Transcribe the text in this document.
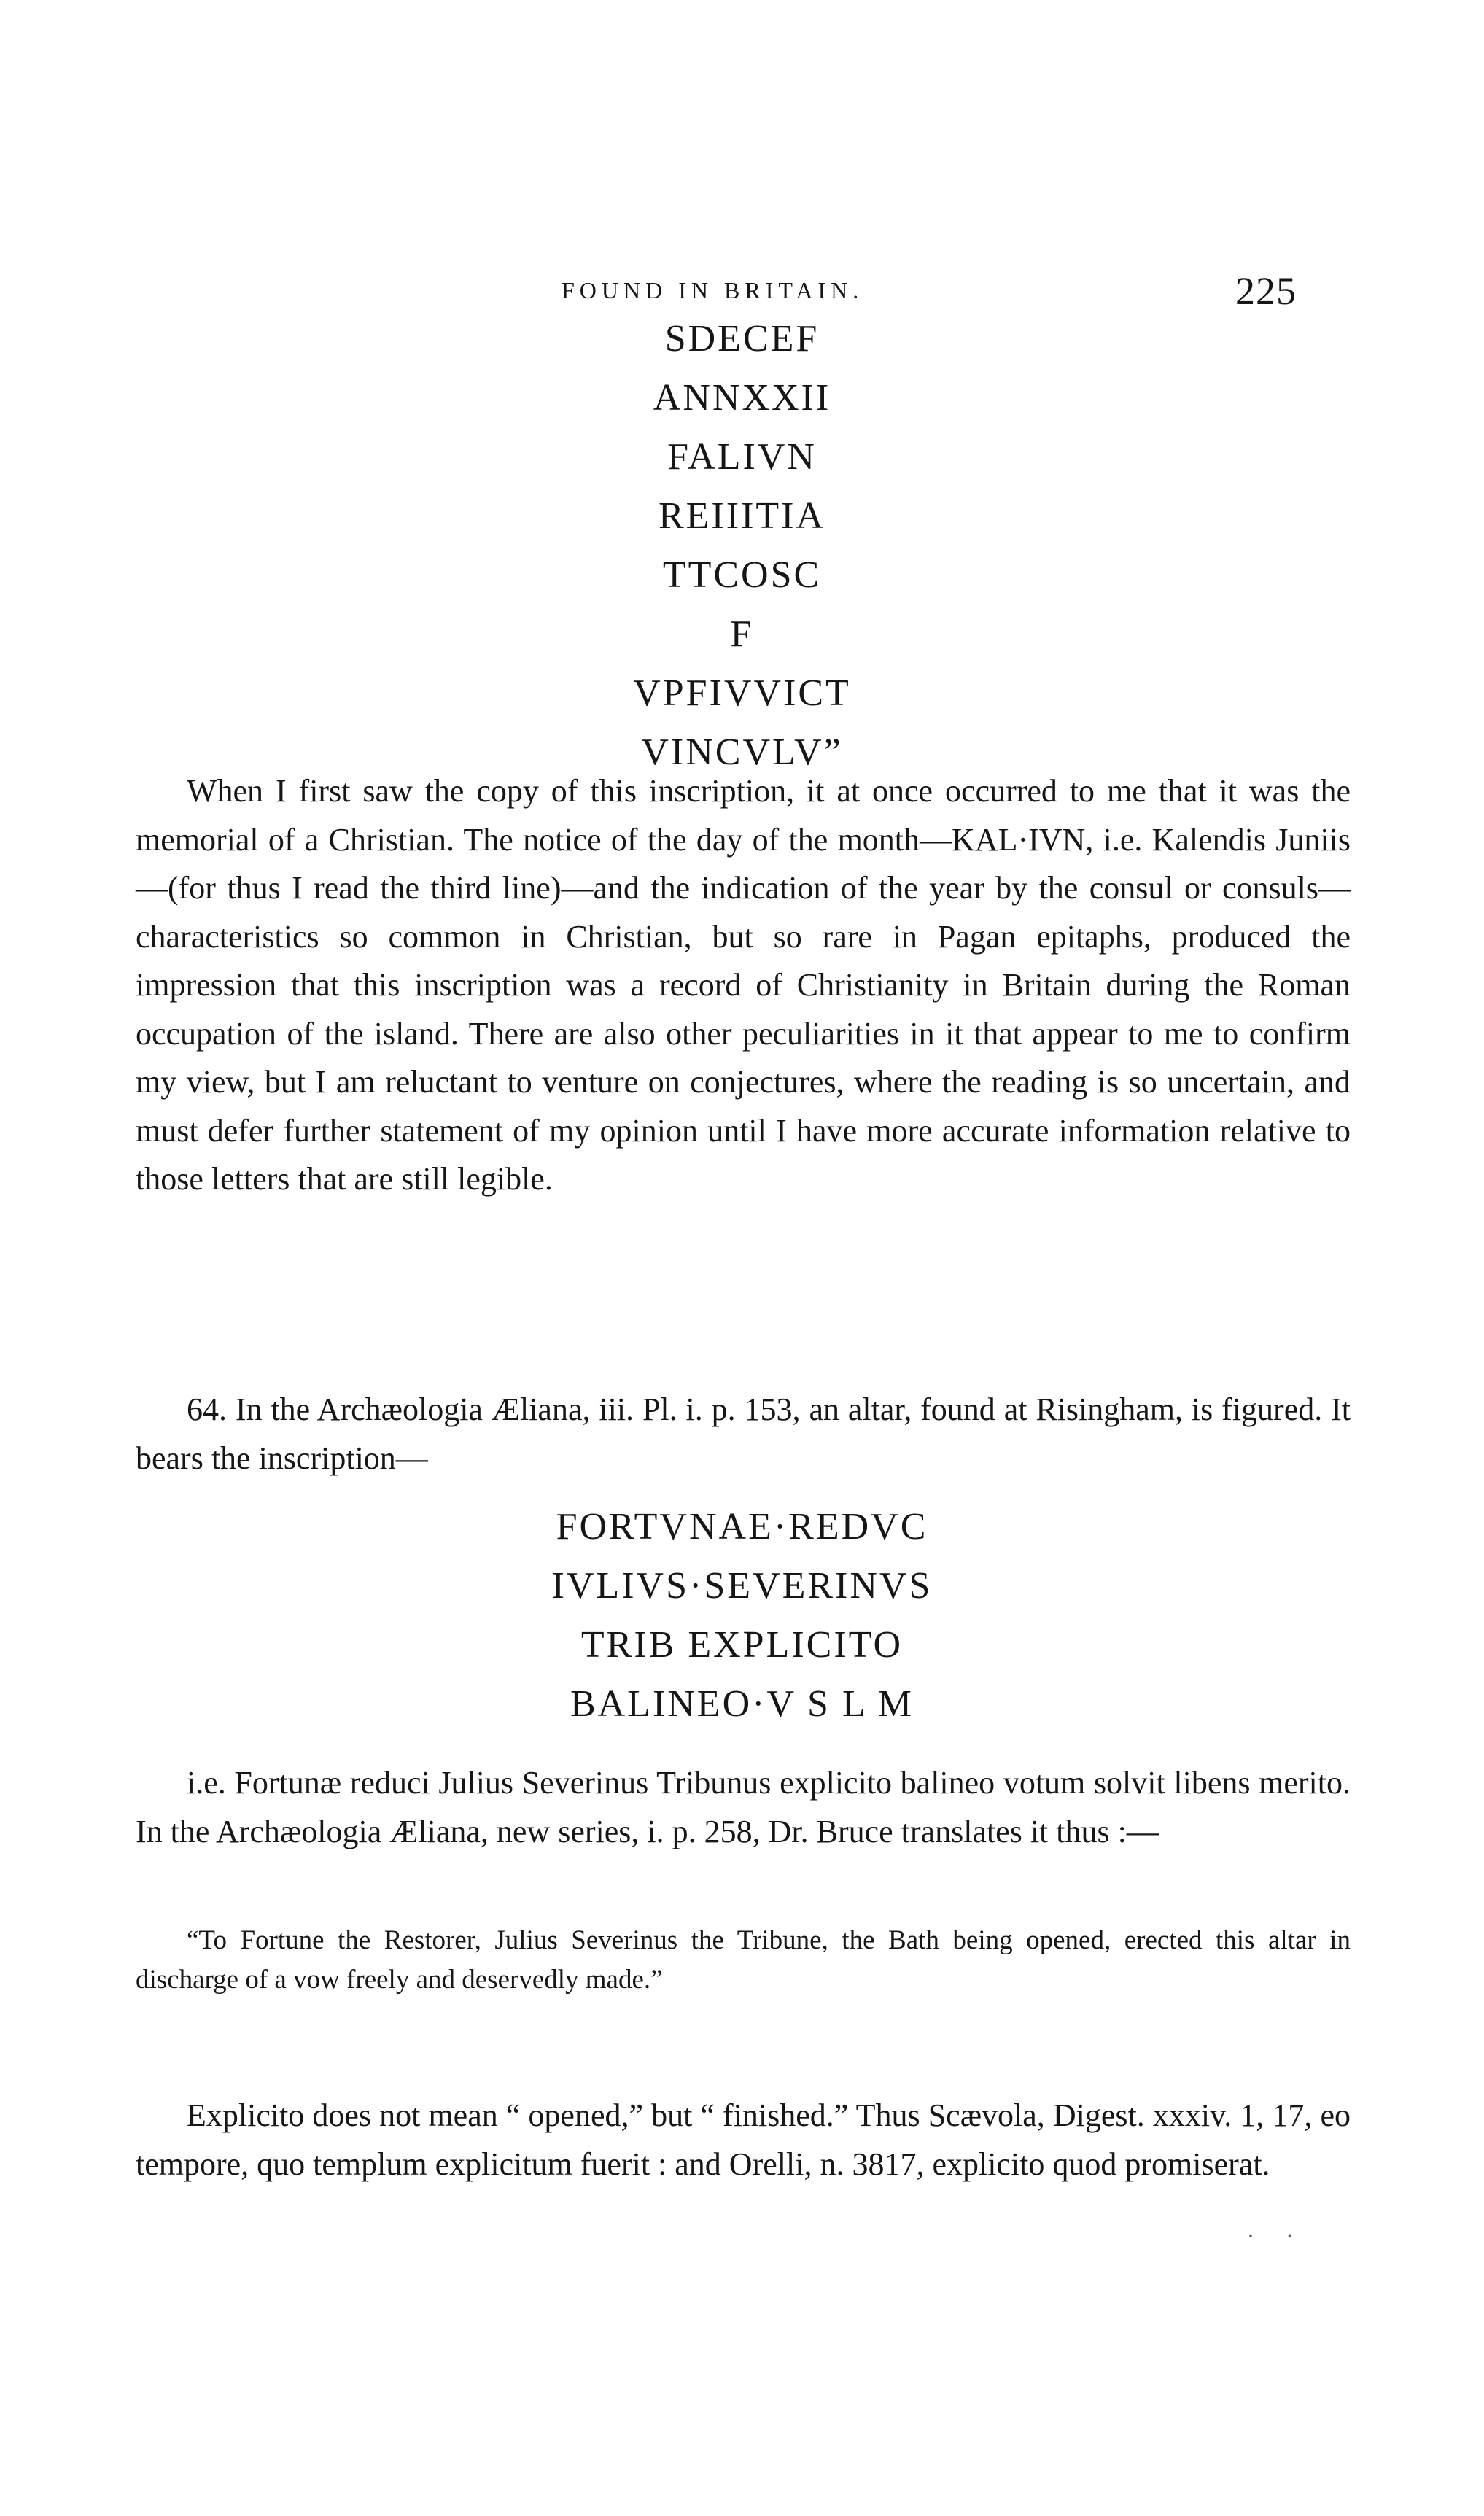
FOUND IN BRITAIN.	225
SDECEF
ANNXXII
FALIVN
REIIITIA
TTCOSC
F
VPFIVVICT
VINCVLV”

When I first saw the copy of this inscription, it at once occurred to me that it was the memorial of a Christian. The notice of the day of the month—KAL·IVN, i.e. Kalendis Juniis—(for thus I read the third line)—and the indication of the year by the consul or consuls—characteristics so common in Christian, but so rare in Pagan epitaphs, produced the impression that this inscription was a record of Christianity in Britain during the Roman occupation of the island. There are also other peculiarities in it that appear to me to confirm my view, but I am reluctant to venture on conjectures, where the reading is so uncertain, and must defer further statement of my opinion until I have more accurate information relative to those letters that are still legible.

64. In the Archæologia Æliana, iii. Pl. i. p. 153, an altar, found at Risingham, is figured. It bears the inscription—

FORTVNAE·REDVC
IVLIVS·SEVERINVS
TRIB EXPLICITO
BALINEO·V S L M

i.e. Fortunæ reduci Julius Severinus Tribunus explicito balineo votum solvit libens merito. In the Archæologia Æliana, new series, i. p. 258, Dr. Bruce translates it thus :—

“To Fortune the Restorer, Julius Severinus the Tribune, the Bath being opened, erected this altar in discharge of a vow freely and deservedly made.”

Explicito does not mean “ opened,” but “ finished.” Thus Scævola, Digest. xxxiv. 1, 17, eo tempore, quo templum explicitum fuerit : and Orelli, n. 3817, explicito quod promiserat.

· ·
